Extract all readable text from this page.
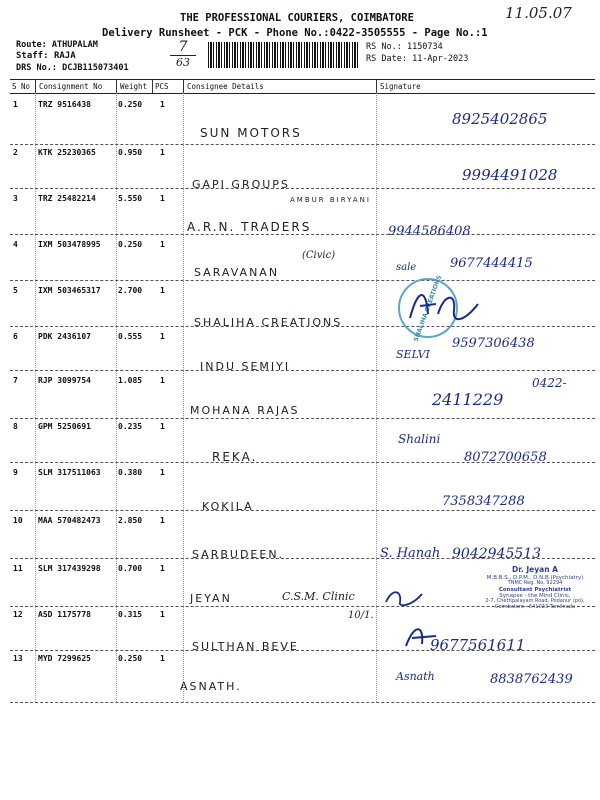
11.05.07
THE PROFESSIONAL COURIERS, COIMBATORE
Delivery Runsheet - PCK - Phone No.:0422-3505555 - Page No.:1
Route: ATHUPALAM
Staff: RAJA
DRS No.: DCJB115073401
7
63
RS No.: 1150734
RS Date: 11-Apr-2023
S No Consignment No Weight PCS Consignee Details	Signature
1	TRZ 9516438	0.250 1
SUN MOTORS
8925402865
2	KTK 25230365	0.950 1
GAPI GROUPS
9994491028
3	TRZ 25482214	5.550 1	AMBUR BIRYANI
A.R.N. TRADERS	9944586408
4	IXM 503478995 0.250 1
(Civic)
SARAVANAN	sale	9677444415
5	IXM 503465317 2.700 1
SHALIHA CREATIONS	SHALIHA CREATIONS
6	PDK 2436107	0.555 1
INDU SEMIYI
SELVI
9597306438
7	RJP 3099754	1.085 1
MOHANA RAJAS
0422-
2411229
8	GPM 5250691	0.235 1
REKA.
Shalini
8072700658
9	SLM 317511063 0.380 1
KOKILA	7358347288
10 MAA 570482473 2.850 1
SARBUDEEN.	S. Hanah 9042945513
11 SLM 317439298 0.700 1
JEYAN	C.S.M. Clinic
10/1.
Dr. Jeyan A
M.B.B.S., D.P.M., D.N.B.(Psychiatry)
TNMC Reg. No. 92294
Consultant Psychiatrist
Synapse - the Mind Clinic,
2-7, Chettipalayam Road, Podanur (po),
Coimbatore - 641023 Tamilnadu
12 ASD 1175778	0.315 1
SULTHAN BEVE	9677561611
13 MYD 7299625	0.250 1
ASNATH.
Asnath	8838762439
